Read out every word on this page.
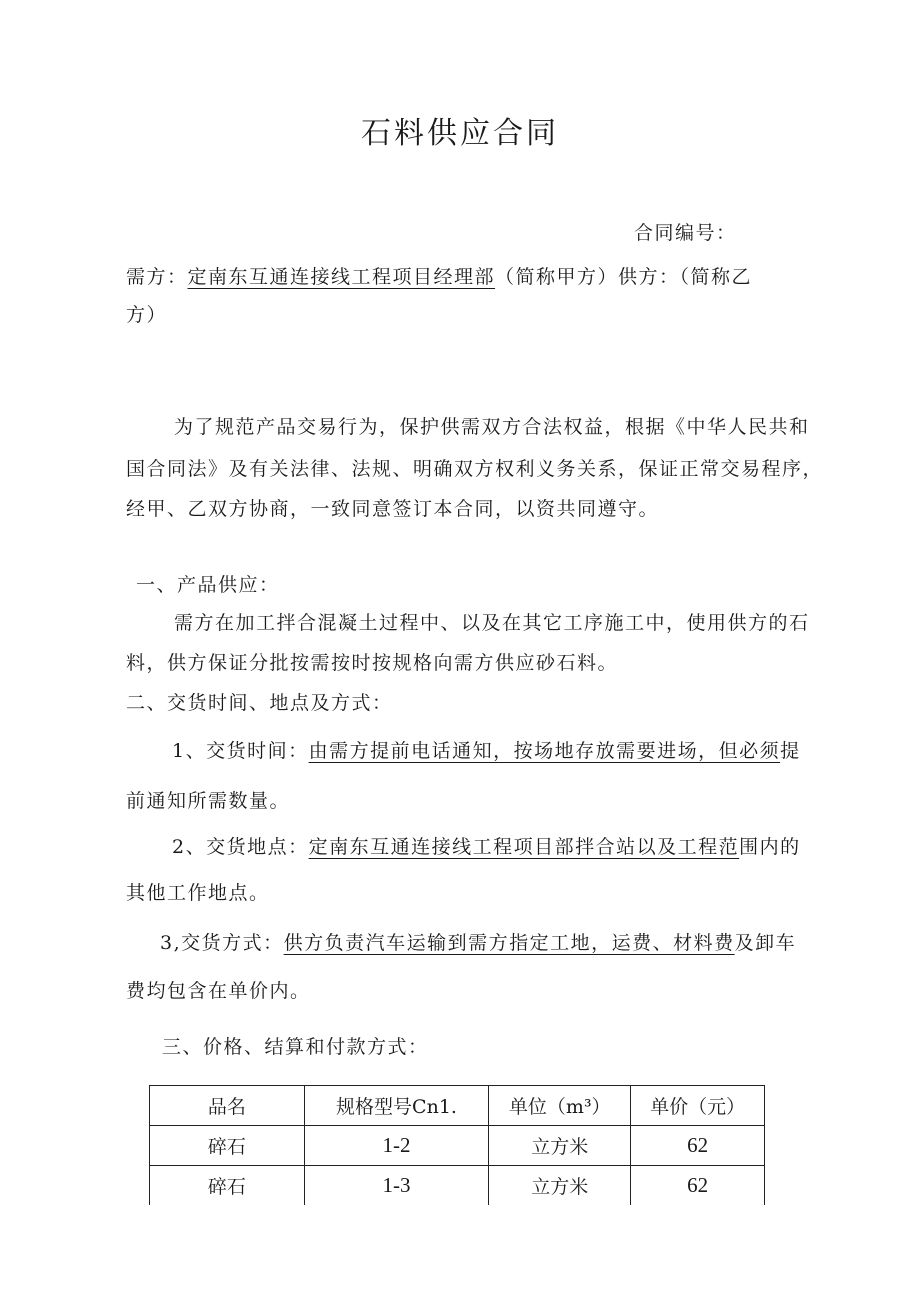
石料供应合同
合同编号：
需方：定南东互通连接线工程项目经理部（简称甲方）供方：（简称乙
方）
为了规范产品交易行为，保护供需双方合法权益，根据《中华人民共和
国合同法》及有关法律、法规、明确双方权利义务关系，保证正常交易程序，
经甲、乙双方协商，一致同意签订本合同，以资共同遵守。
一、产品供应：
需方在加工拌合混凝土过程中、以及在其它工序施工中，使用供方的石
料，供方保证分批按需按时按规格向需方供应砂石料。
二、交货时间、地点及方式：
1、交货时间：由需方提前电话通知，按场地存放需要进场，但必须提
前通知所需数量。
2、交货地点：定南东互通连接线工程项目部拌合站以及工程范围内的
其他工作地点。
3,交货方式：供方负责汽车运输到需方指定工地，运费、材料费及卸车
费均包含在单价内。
三、价格、结算和付款方式：
品名	规格型号Cn1.	单位（m³）	单价（元）
碎石	1-2	立方米	62
碎石	1-3	立方米	62
